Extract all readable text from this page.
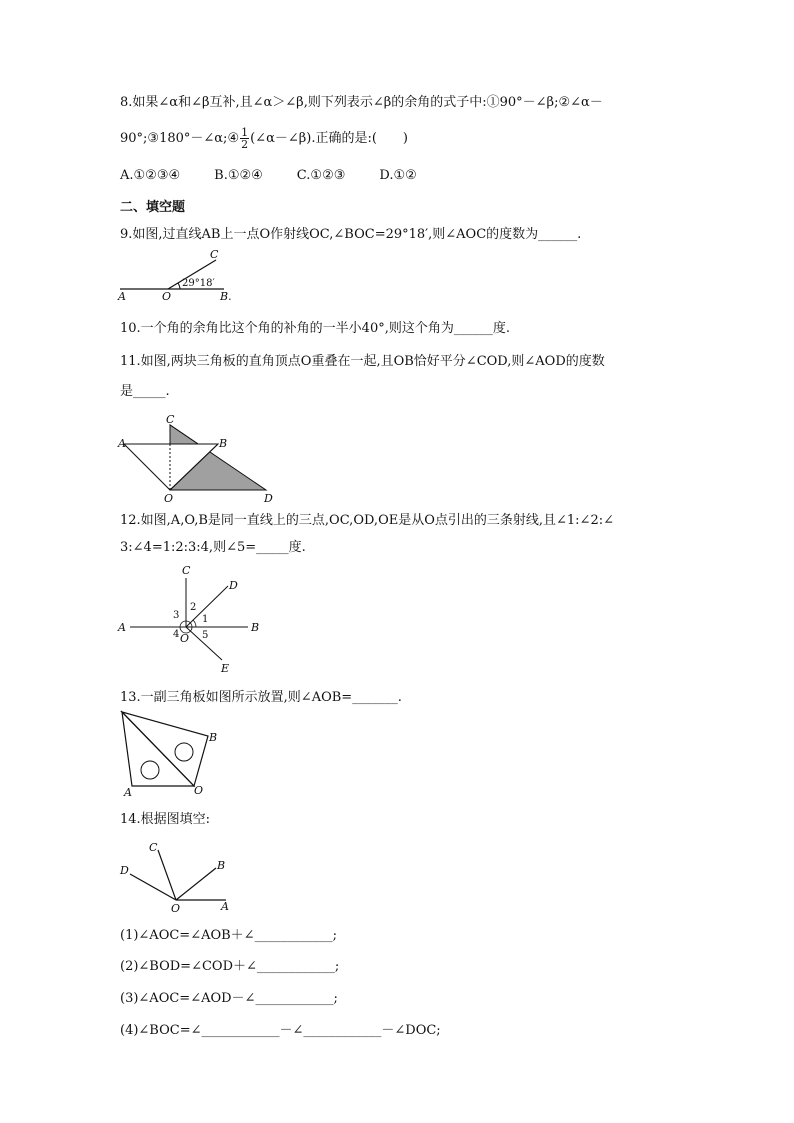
8.如果∠α和∠β互补,且∠α＞∠β,则下列表示∠β的余角的式子中:①90°－∠β;②∠α－
90°;③180°－∠α;④ $\frac{1}{2}$ (∠α－∠β).正确的是:(　　)
A.①②③④	B.①②④	C.①②③	D.①②
二、填空题
9.如图,过直线AB上一点O作射线OC,∠BOC=29°18′,则∠AOC的度数为______.
C
A	O	B.
29°18′
10.一个角的余角比这个角的补角的一半小40°,则这个角为______度.
11.如图,两块三角板的直角顶点O重叠在一起,且OB恰好平分∠COD,则∠AOD的度数
是_____.
C
A	B
O	D
12.如图,A,O,B是同一直线上的三点,OC,OD,OE是从O点引出的三条射线,且∠1:∠2:∠
3:∠4=1:2:3:4,则∠5=_____度.
C
D
A	B
E
O
1
2
3
4 5
13.一副三角板如图所示放置,则∠AOB=_______.
B
A	O
14.根据图填空:
C
D	B
O	A
(1)∠AOC=∠AOB＋∠____________;
(2)∠BOD=∠COD＋∠____________;
(3)∠AOC=∠AOD－∠____________;
(4)∠BOC=∠____________－∠____________－∠DOC;
